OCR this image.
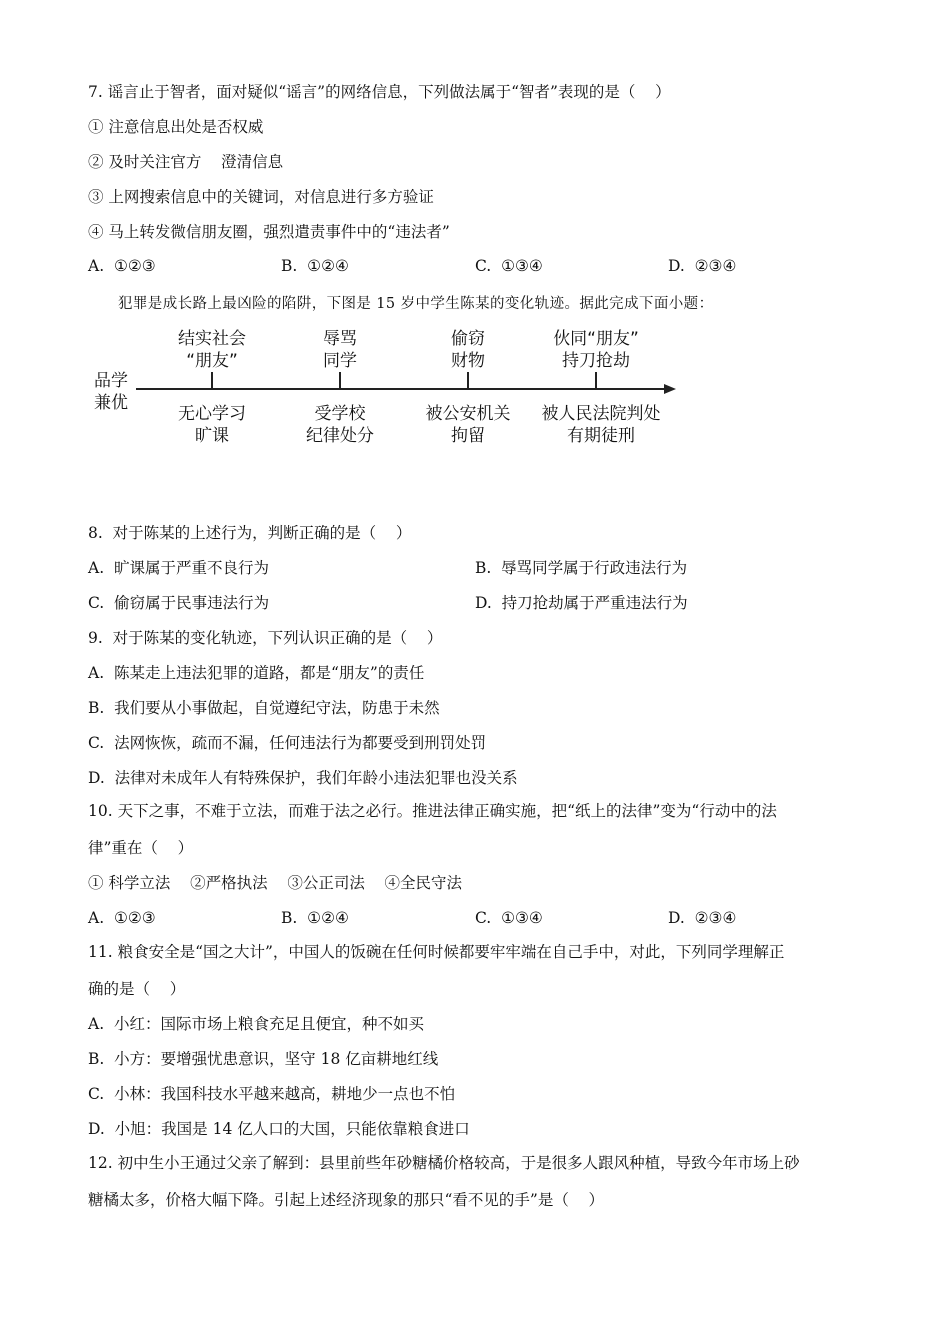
7. 谣言止于智者，面对疑似“谣言”的网络信息，下列做法属于“智者”表现的是（    ）
① 注意信息出处是否权威
② 及时关注官方    澄清信息
③ 上网搜索信息中的关键词，对信息进行多方验证
④ 马上转发微信朋友圈，强烈遣责事件中的“违法者”
A.  ①②③	B.  ①②④	C.  ①③④	D.  ②③④
犯罪是成长路上最凶险的陷阱，下图是 15 岁中学生陈某的变化轨迹。据此完成下面小题：
品学
兼优
结实社会
“朋友”
辱骂
同学
偷窃
财物
伙同“朋友”
持刀抢劫
无心学习
旷课
受学校
纪律处分
被公安机关
拘留
被人民法院判处
有期徒刑
8.  对于陈某的上述行为，判断正确的是（    ）
A.  旷课属于严重不良行为	B.  辱骂同学属于行政违法行为
C.  偷窃属于民事违法行为	D.  持刀抢劫属于严重违法行为
9.  对于陈某的变化轨迹，下列认识正确的是（    ）
A.  陈某走上违法犯罪的道路，都是“朋友”的责任
B.  我们要从小事做起，自觉遵纪守法，防患于未然
C.  法网恢恢，疏而不漏，任何违法行为都要受到刑罚处罚
D.  法律对未成年人有特殊保护，我们年龄小违法犯罪也没关系
10. 天下之事，不难于立法，而难于法之必行。推进法律正确实施，把“纸上的法律”变为“行动中的法
律”重在（    ）
① 科学立法    ②严格执法    ③公正司法    ④全民守法
A.  ①②③	B.  ①②④	C.  ①③④	D.  ②③④
11. 粮食安全是“国之大计”，中国人的饭碗在任何时候都要牢牢端在自己手中，对此，下列同学理解正
确的是（    ）
A.  小红：国际市场上粮食充足且便宜，种不如买
B.  小方：要增强忧患意识，坚守 18 亿亩耕地红线
C.  小林：我国科技水平越来越高，耕地少一点也不怕
D.  小旭：我国是 14 亿人口的大国，只能依靠粮食进口
12. 初中生小王通过父亲了解到：县里前些年砂糖橘价格较高，于是很多人跟风种植，导致今年市场上砂
糖橘太多，价格大幅下降。引起上述经济现象的那只“看不见的手”是（    ）
